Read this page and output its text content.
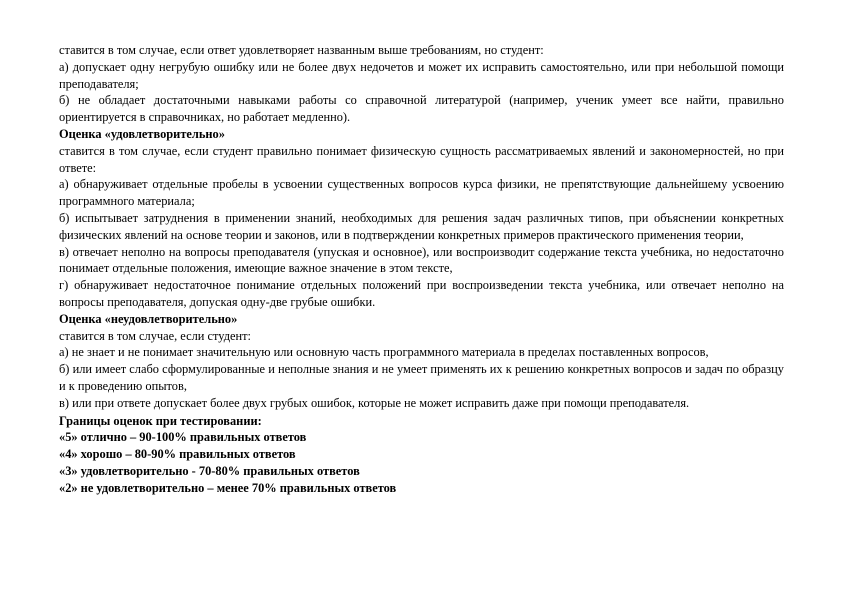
ставится в том случае, если ответ удовлетворяет названным выше требованиям, но студент:

а) допускает одну негрубую ошибку или не более двух недочетов и может их исправить самостоятельно, или при небольшой помощи преподавателя;

б) не обладает достаточными навыками работы со справочной литературой (например, ученик умеет все найти, правильно ориентируется в справочниках, но работает медленно).

Оценка «удовлетворительно»

ставится в том случае, если студент правильно понимает физическую сущность рассматриваемых явлений и закономерностей, но при ответе:

а) обнаруживает отдельные пробелы в усвоении существенных вопросов курса физики, не препятствующие дальнейшему усвоению программного материала;

б) испытывает затруднения в применении знаний, необходимых для решения задач различных типов, при объяснении конкретных физических явлений на основе теории и законов, или в подтверждении конкретных примеров практического применения теории,

в) отвечает неполно на вопросы преподавателя (упуская и основное), или воспроизводит содержание текста учебника, но недостаточно понимает отдельные положения, имеющие важное значение в этом тексте,

г) обнаруживает недостаточное понимание отдельных положений при воспроизведении текста учебника, или отвечает неполно на вопросы преподавателя, допуская одну-две грубые ошибки.

Оценка «неудовлетворительно»

ставится в том случае, если студент:

а) не знает и не понимает значительную или основную часть программного материала в пределах поставленных вопросов,

б) или имеет слабо сформулированные и неполные знания и не умеет применять их к решению конкретных вопросов и задач по образцу и к проведению опытов,

в) или при ответе допускает более двух грубых ошибок, которые не может исправить даже при помощи преподавателя.

Границы оценок при тестировании:

«5» отлично – 90-100% правильных ответов

«4» хорошо – 80-90% правильных ответов

«3» удовлетворительно - 70-80% правильных ответов

«2» не удовлетворительно – менее 70% правильных ответов
